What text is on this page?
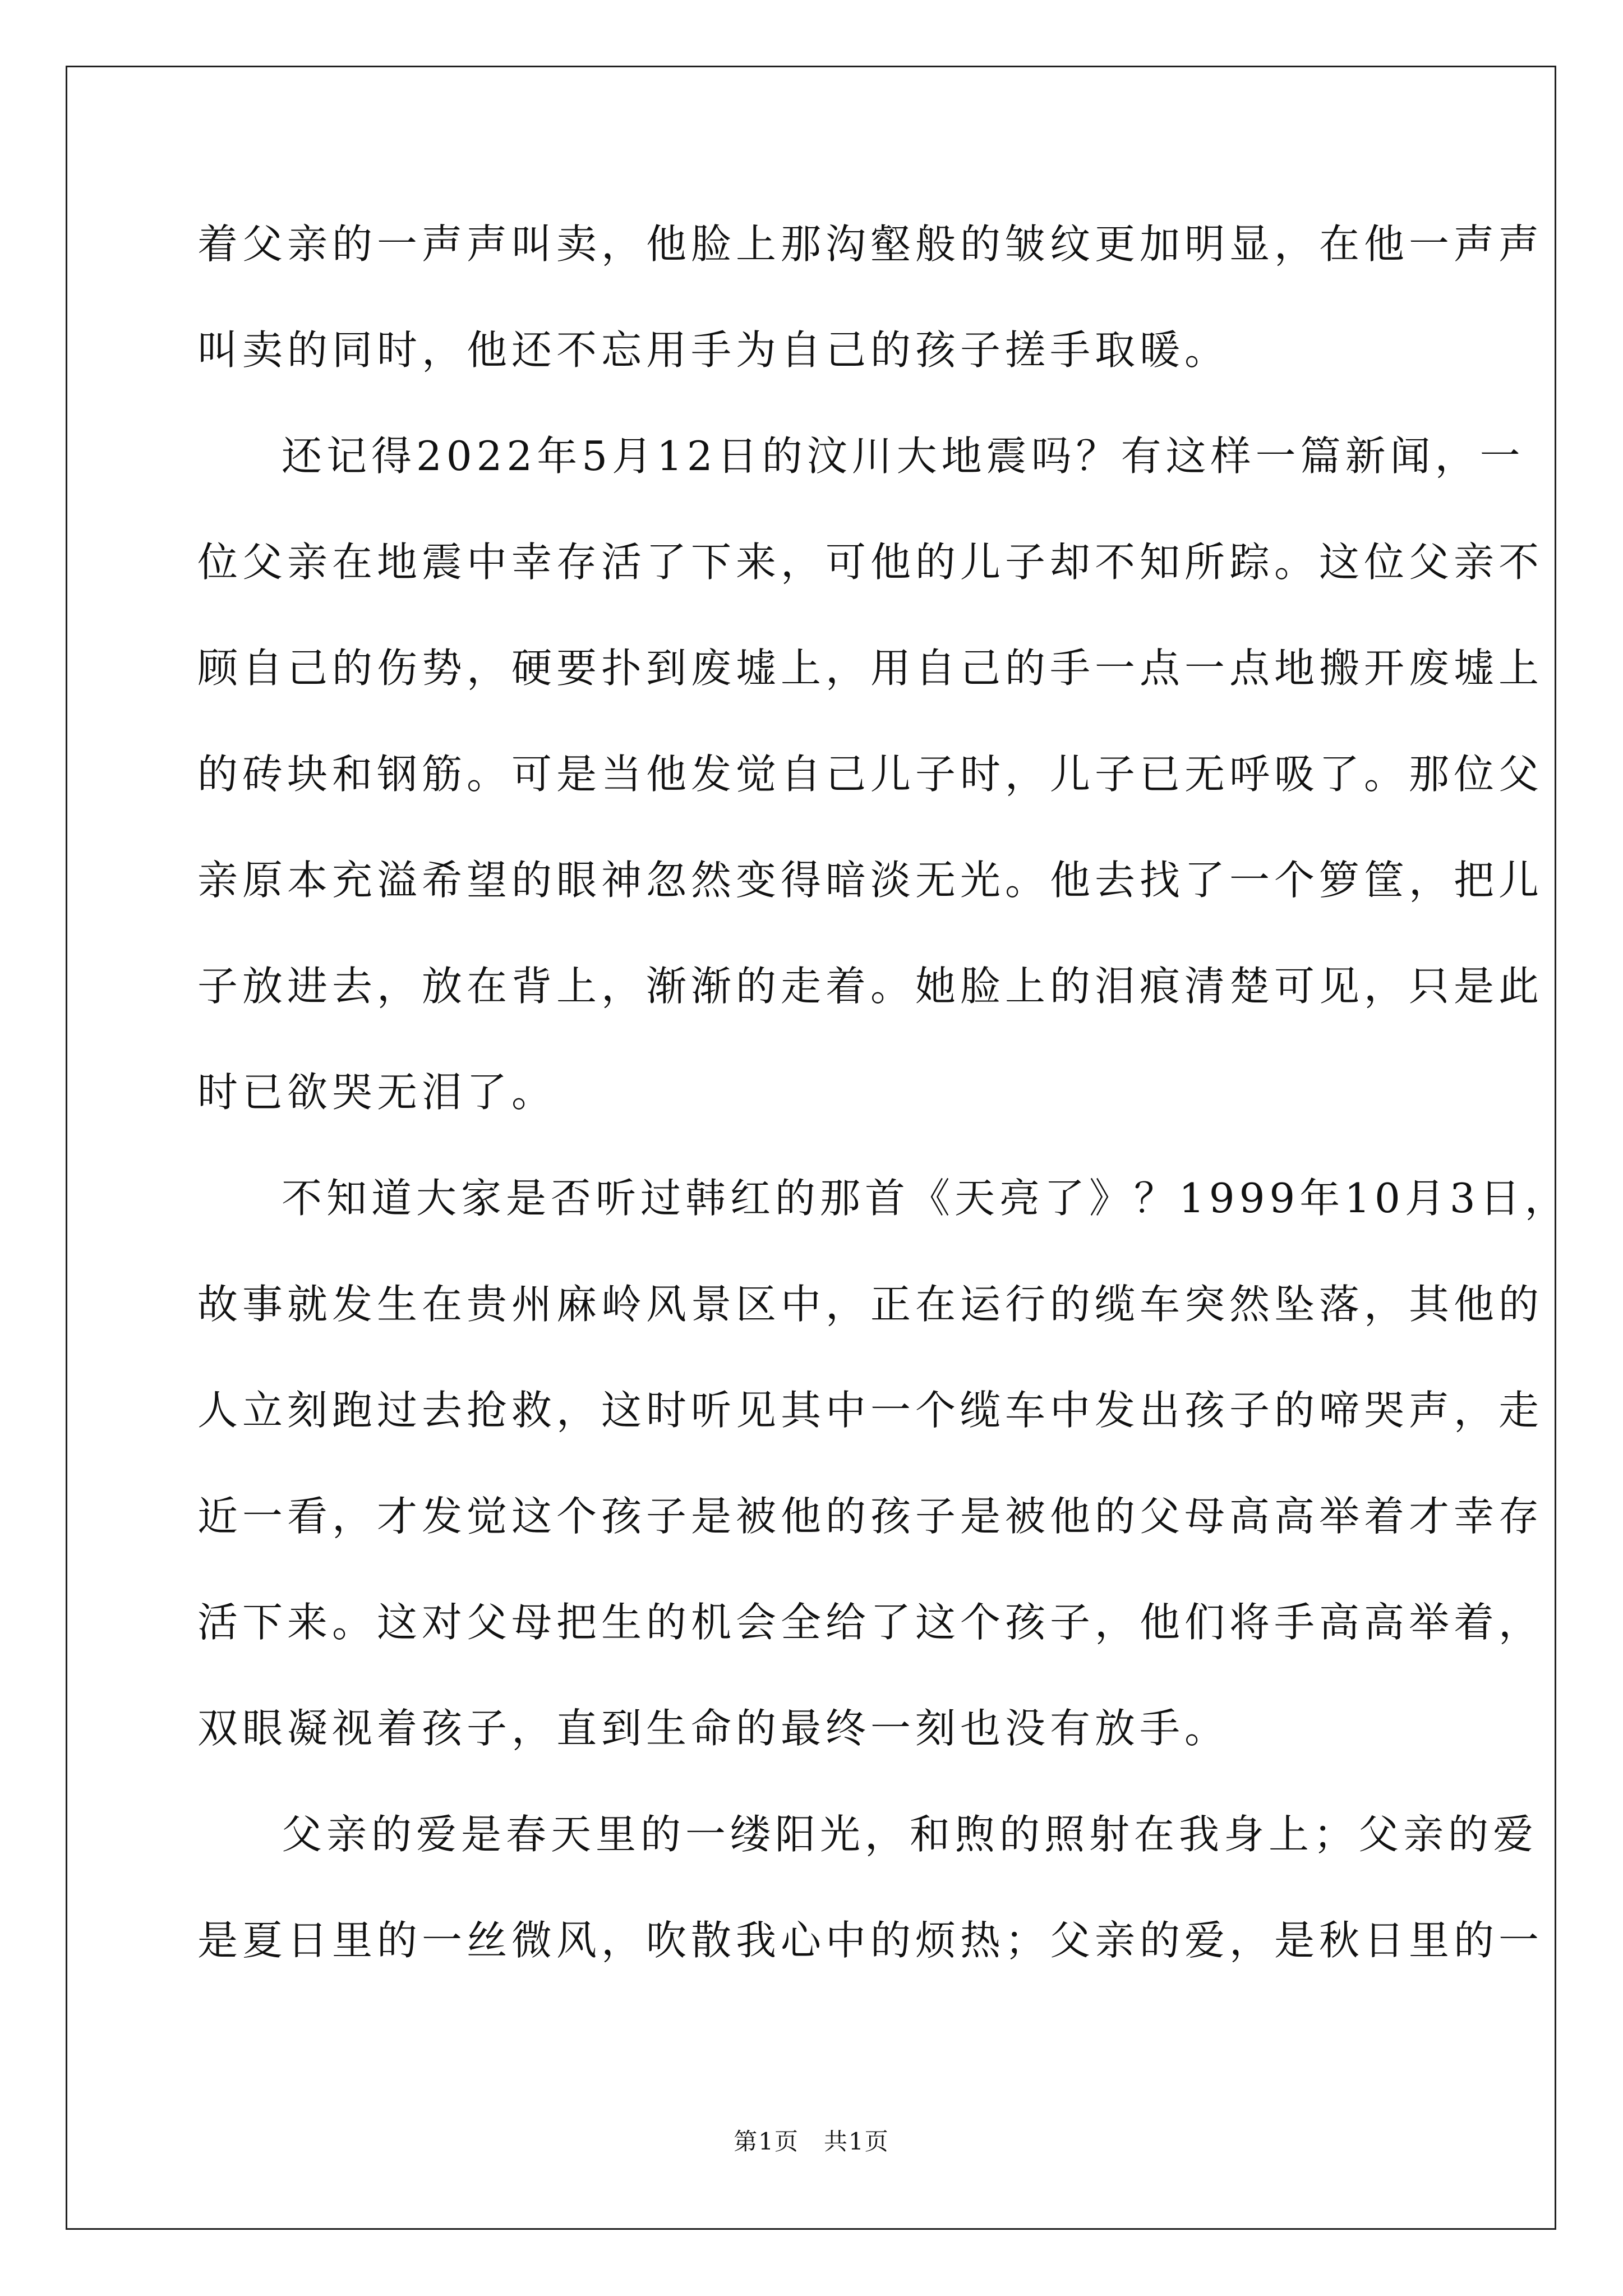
着父亲的一声声叫卖，他脸上那沟壑般的皱纹更加明显，在他一声声
叫卖的同时，他还不忘用手为自己的孩子搓手取暖。
还记得2022年5月12日的汶川大地震吗？有这样一篇新闻，一
位父亲在地震中幸存活了下来，可他的儿子却不知所踪。这位父亲不
顾自己的伤势，硬要扑到废墟上，用自己的手一点一点地搬开废墟上
的砖块和钢筋。可是当他发觉自己儿子时，儿子已无呼吸了。那位父
亲原本充溢希望的眼神忽然变得暗淡无光。他去找了一个箩筐，把儿
子放进去，放在背上，渐渐的走着。她脸上的泪痕清楚可见，只是此
时已欲哭无泪了。
不知道大家是否听过韩红的那首《天亮了》？1999年10月3日，
故事就发生在贵州麻岭风景区中，正在运行的缆车突然坠落，其他的
人立刻跑过去抢救，这时听见其中一个缆车中发出孩子的啼哭声，走
近一看，才发觉这个孩子是被他的孩子是被他的父母高高举着才幸存
活下来。这对父母把生的机会全给了这个孩子，他们将手高高举着，
双眼凝视着孩子，直到生命的最终一刻也没有放手。
父亲的爱是春天里的一缕阳光，和煦的照射在我身上；父亲的爱
是夏日里的一丝微风，吹散我心中的烦热；父亲的爱，是秋日里的一
第1页　共1页
